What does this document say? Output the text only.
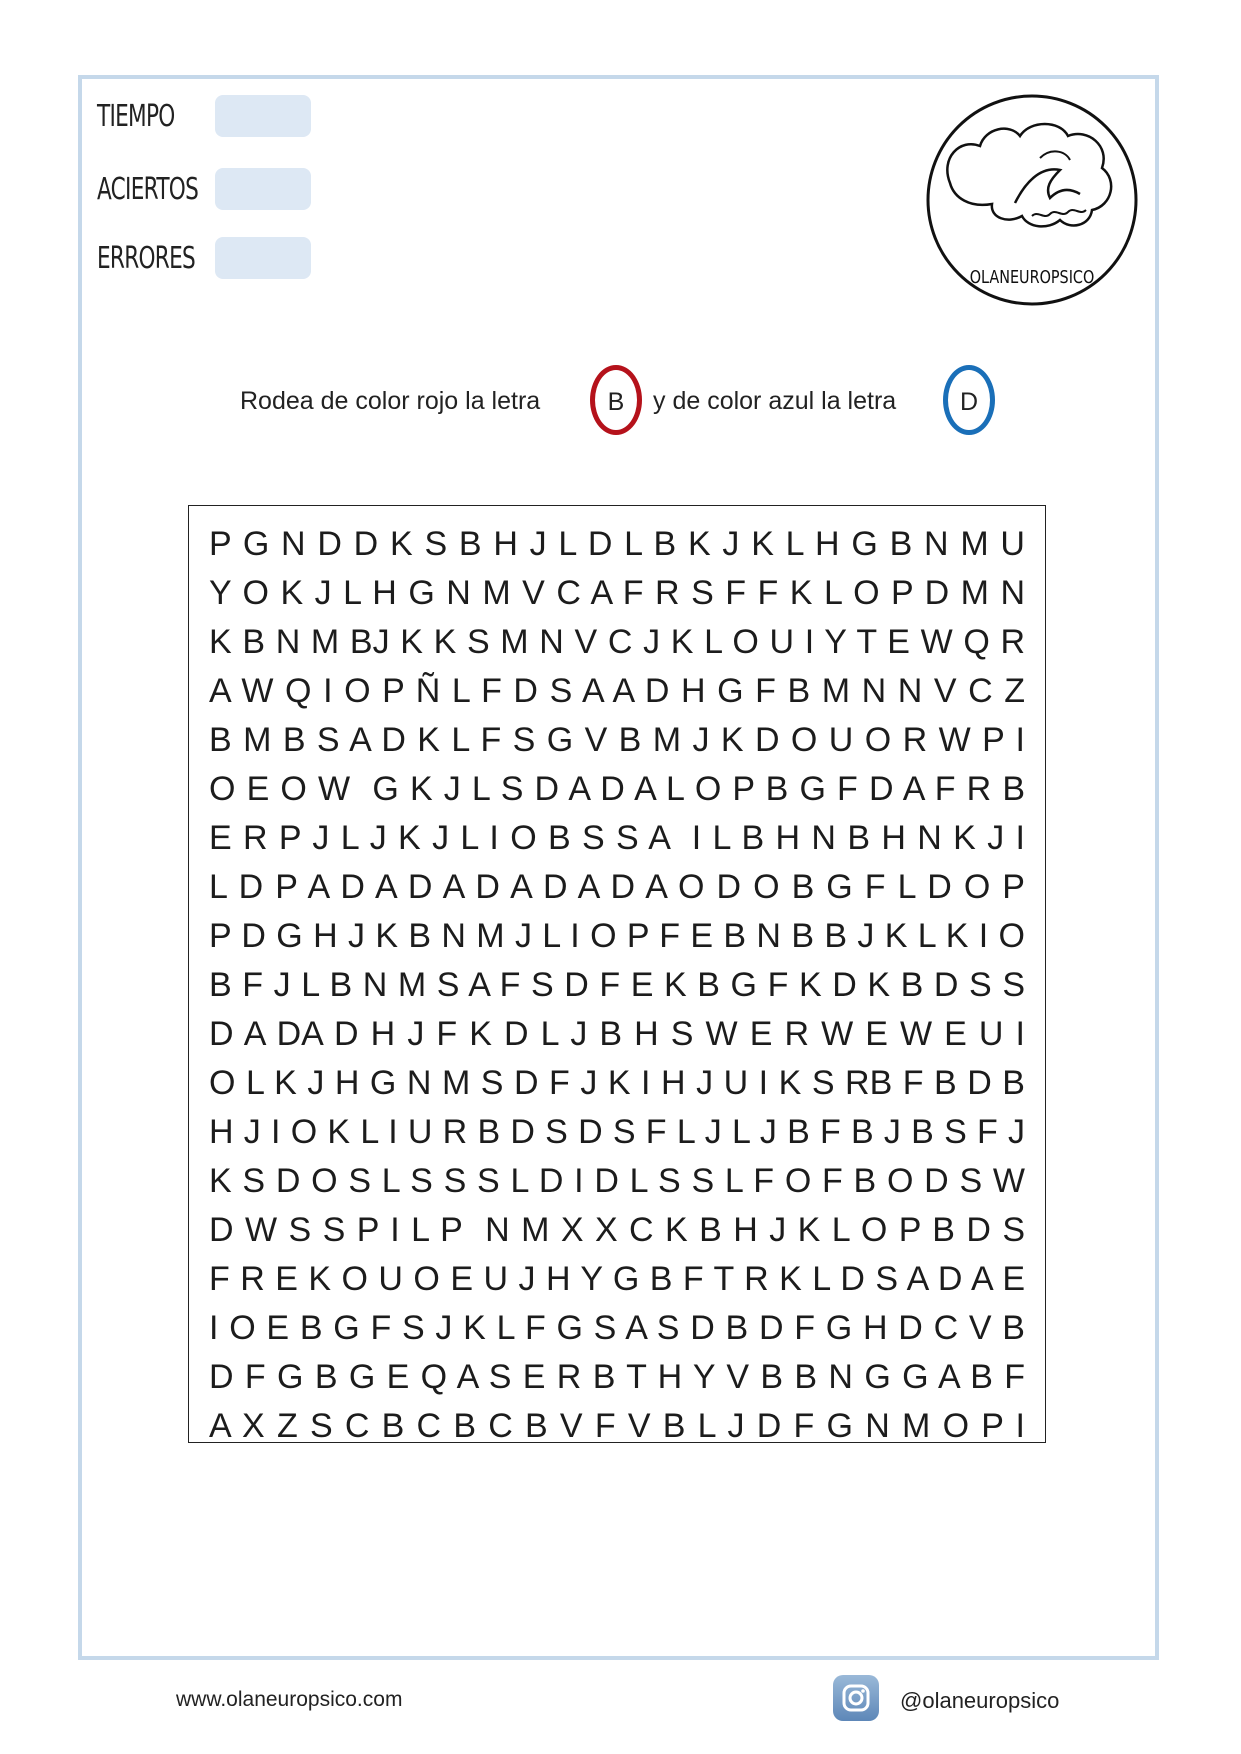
TIEMPO
ACIERTOS
ERRORES
OLANEUROPSICO
Rodea de color rojo la letra	B	y de color azul la letra	D
P G N D D K S B H J L D L B K J K L H G B N M U
Y O K J L H G N M V C A F R S F F K L O P D M N
K B N M BJ K K S M N V C J K L O U I Y T E W Q R
A W Q I O P Ñ L F D S A A D H G F B M N N V C Z
B M B S A D K L F S G V B M J K D O U O R W P I
O E O W  G K J L S D A D A L O P B G F D A F R B
E R P J L J K J L I O B S S A  I L B H N B H N K J I
L D P A D A D A D A D A D A O D O B G F L D O P
P D G H J K B N M J L I O P F E B N B B J K L K I O
B F J L B N M S A F S D F E K B G F K D K B D S S
D A DA D H J F K D L J B H S W E R W E W E U I
O L K J H G N M S D F J K I H J U I K S RB F B D B
H J I O K L I U R B D S D S F L J L J B F B J B S F J
K S D O S L S S S L D I D L S S L F O F B O D S W
D W S S P I L P  N M X X C K B H J K L O P B D S
F R E K O U O E U J H Y G B F T R K L D S A D A E
I O E B G F S J K L F G S A S D B D F G H D C V B
D F G B G E Q A S E R B T H Y V B B N G G A B F
A X Z S C B C B C B V F V B L J D F G N M O P I
www.olaneuropsico.com	@olaneuropsico
